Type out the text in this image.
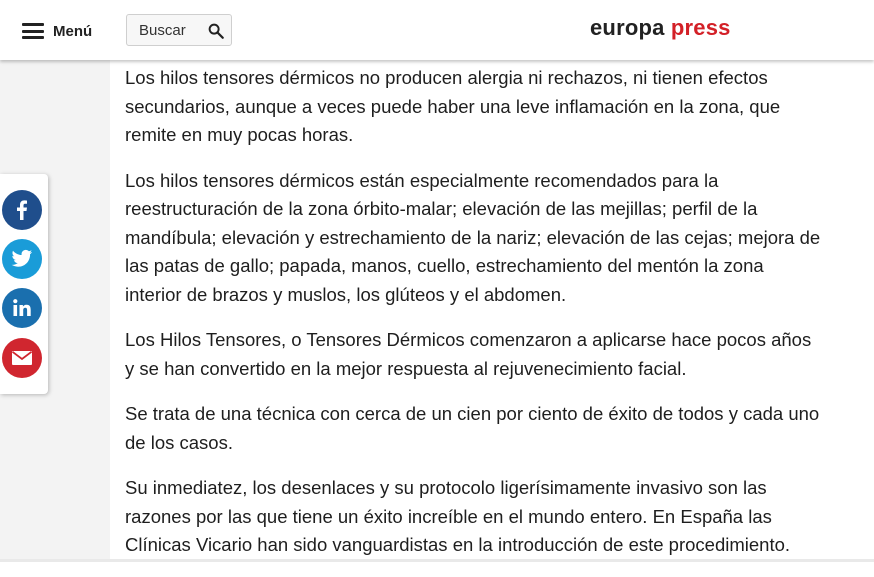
Menú
Buscar	europa press

Los hilos tensores dérmicos no producen alergia ni rechazos, ni tienen efectos secundarios, aunque a veces puede haber una leve inflamación en la zona, que remite en muy pocas horas.

Los hilos tensores dérmicos están especialmente recomendados para la reestructuración de la zona órbito-malar; elevación de las mejillas; perfil de la mandíbula; elevación y estrechamiento de la nariz; elevación de las cejas; mejora de las patas de gallo; papada, manos, cuello, estrechamiento del mentón la zona interior de brazos y muslos, los glúteos y el abdomen.

Los Hilos Tensores, o Tensores Dérmicos comenzaron a aplicarse hace pocos años y se han convertido en la mejor respuesta al rejuvenecimiento facial.

Se trata de una técnica con cerca de un cien por ciento de éxito de todos y cada uno de los casos.

Su inmediatez, los desenlaces y su protocolo ligerísimamente invasivo son las razones por las que tiene un éxito increíble en el mundo entero. En España las Clínicas Vicario han sido vanguardistas en la introducción de este procedimiento.
